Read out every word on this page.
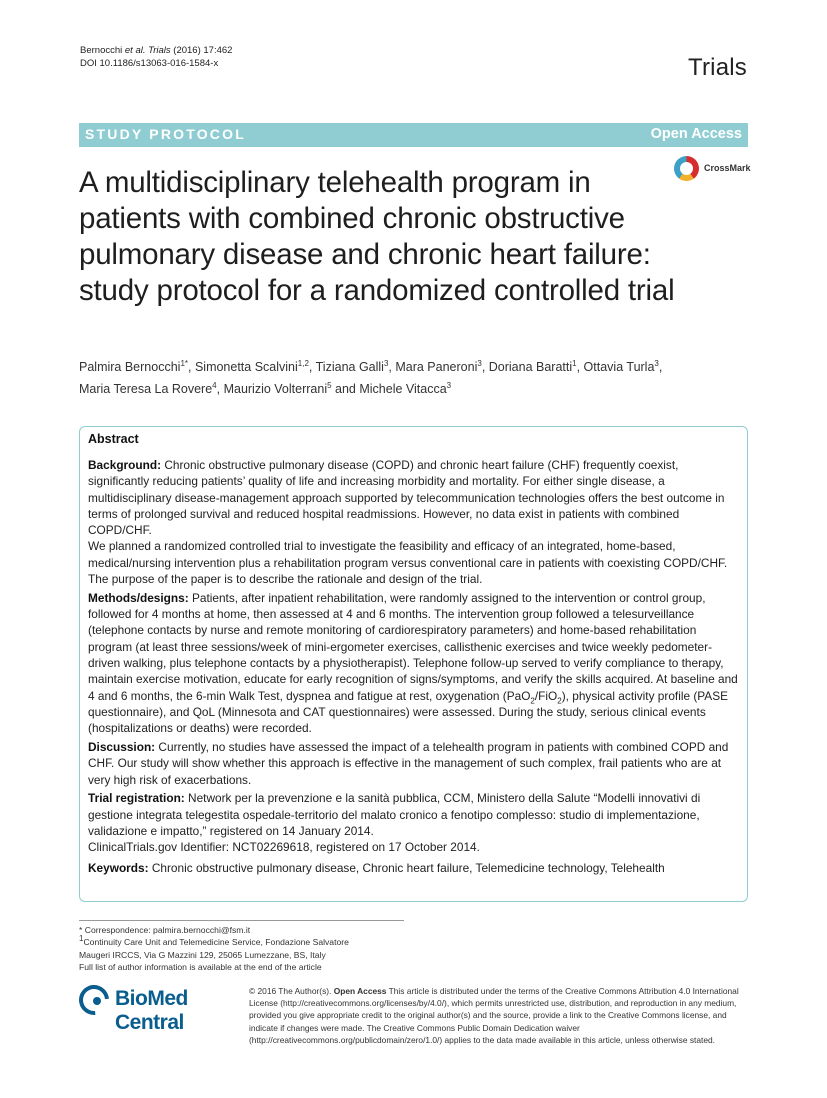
Bernocchi et al. Trials (2016) 17:462
DOI 10.1186/s13063-016-1584-x	Trials
STUDY PROTOCOL	Open Access
CrossMark
A multidisciplinary telehealth program in patients with combined chronic obstructive pulmonary disease and chronic heart failure: study protocol for a randomized controlled trial
Palmira Bernocchi$^{1*}$, Simonetta Scalvini$^{1,2}$, Tiziana Galli$^3$, Mara Paneroni$^3$, Doriana Baratti$^1$, Ottavia Turla$^3$,
Maria Teresa La Rovere$^4$, Maurizio Volterrani$^5$ and Michele Vitacca$^3$
Abstract

Background: Chronic obstructive pulmonary disease (COPD) and chronic heart failure (CHF) frequently coexist, significantly reducing patients’ quality of life and increasing morbidity and mortality. For either single disease, a multidisciplinary disease-management approach supported by telecommunication technologies offers the best outcome in terms of prolonged survival and reduced hospital readmissions. However, no data exist in patients with combined COPD/CHF.
We planned a randomized controlled trial to investigate the feasibility and efficacy of an integrated, home-based, medical/nursing intervention plus a rehabilitation program versus conventional care in patients with coexisting COPD/CHF. The purpose of the paper is to describe the rationale and design of the trial.

Methods/designs: Patients, after inpatient rehabilitation, were randomly assigned to the intervention or control group, followed for 4 months at home, then assessed at 4 and 6 months. The intervention group followed a telesurveillance (telephone contacts by nurse and remote monitoring of cardiorespiratory parameters) and home-based rehabilitation program (at least three sessions/week of mini-ergometer exercises, callisthenic exercises and twice weekly pedometer-driven walking, plus telephone contacts by a physiotherapist). Telephone follow-up served to verify compliance to therapy, maintain exercise motivation, educate for early recognition of signs/symptoms, and verify the skills acquired. At baseline and 4 and 6 months, the 6-min Walk Test, dyspnea and fatigue at rest, oxygenation (PaO$_2$/FiO$_2$), physical activity profile (PASE questionnaire), and QoL (Minnesota and CAT questionnaires) were assessed. During the study, serious clinical events (hospitalizations or deaths) were recorded.

Discussion: Currently, no studies have assessed the impact of a telehealth program in patients with combined COPD and CHF. Our study will show whether this approach is effective in the management of such complex, frail patients who are at very high risk of exacerbations.

Trial registration: Network per la prevenzione e la sanità pubblica, CCM, Ministero della Salute “Modelli innovativi di gestione integrata telegestita ospedale-territorio del malato cronico a fenotipo complesso: studio di implementazione, validazione e impatto,” registered on 14 January 2014.
ClinicalTrials.gov Identifier: NCT02269618, registered on 17 October 2014.

Keywords: Chronic obstructive pulmonary disease, Chronic heart failure, Telemedicine technology, Telehealth

* Correspondence: palmira.bernocchi@fsm.it
$^1$Continuity Care Unit and Telemedicine Service, Fondazione Salvatore
Maugeri IRCCS, Via G Mazzini 129, 25065 Lumezzane, BS, Italy
Full list of author information is available at the end of the article
BioMed Central
© 2016 The Author(s). Open Access This article is distributed under the terms of the Creative Commons Attribution 4.0 International License (http://creativecommons.org/licenses/by/4.0/), which permits unrestricted use, distribution, and reproduction in any medium, provided you give appropriate credit to the original author(s) and the source, provide a link to the Creative Commons license, and indicate if changes were made. The Creative Commons Public Domain Dedication waiver (http://creativecommons.org/publicdomain/zero/1.0/) applies to the data made available in this article, unless otherwise stated.
